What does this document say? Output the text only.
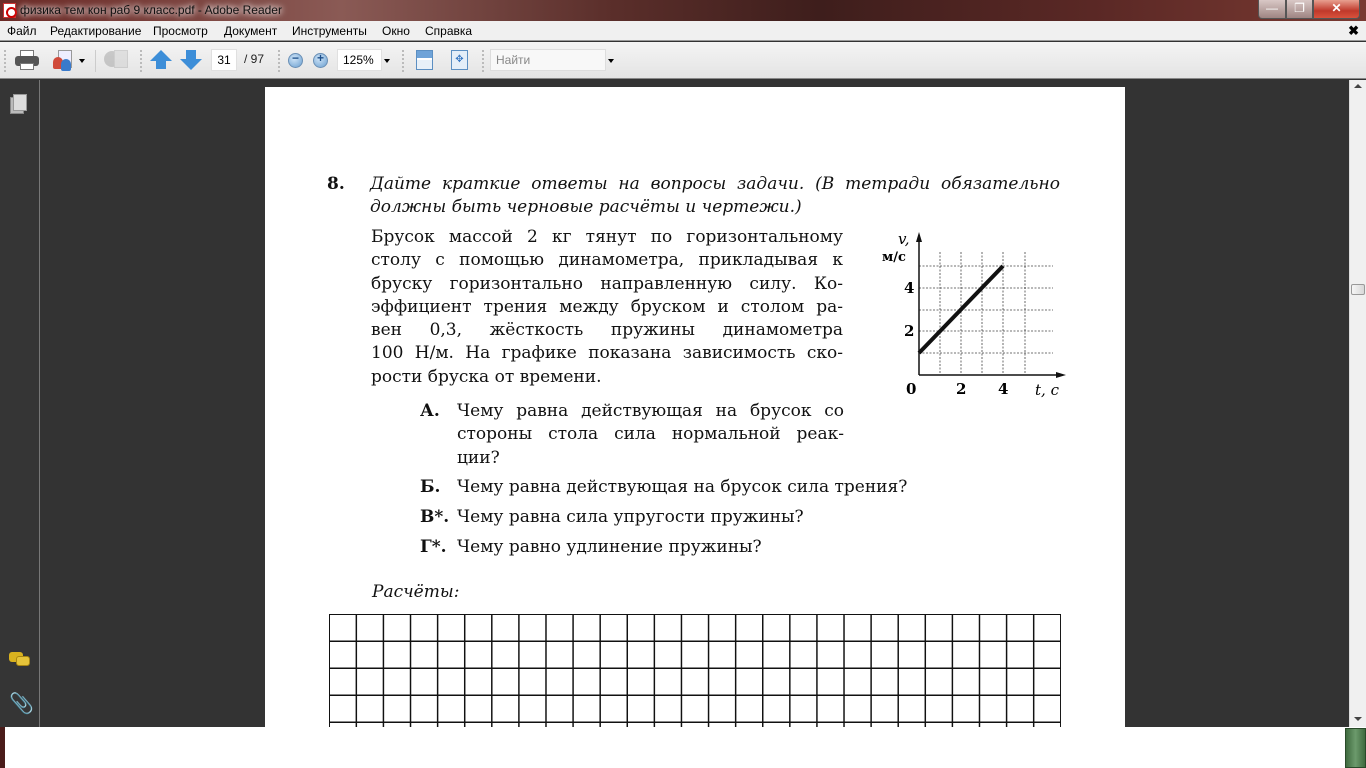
физика тем кон раб 9 класс.pdf - Adobe Reader	—	❐	✕
Файл Редактирование Просмотр Документ Инструменты Окно Справка	✖
−
+
✥
31	/ 97	125%	Найти
📎
8. Дайте краткие ответы на вопросы задачи. (В тетради обязательно должны быть черновые расчёты и чертежи.)

Брусок массой 2 кг тянут по горизонтальному

столу с помощью динамометра, прикладывая к

бруску горизонтально направленную силу. Ко-

эффициент трения между бруском и столом ра-

вен 0,3, жёсткость пружины динамометра

100 Н/м. На графике показана зависимость ско-

рости бруска от времени.

v,
м/с
2
4
0	2 4 t, с
А. Чему равна действующая на брусок со
стороны стола сила нормальной реак-
ции?
Б. Чему равна действующая на брусок сила трения?
В*. Чему равна сила упругости пружины?
Г*. Чему равно удлинение пружины?
Расчёты:
